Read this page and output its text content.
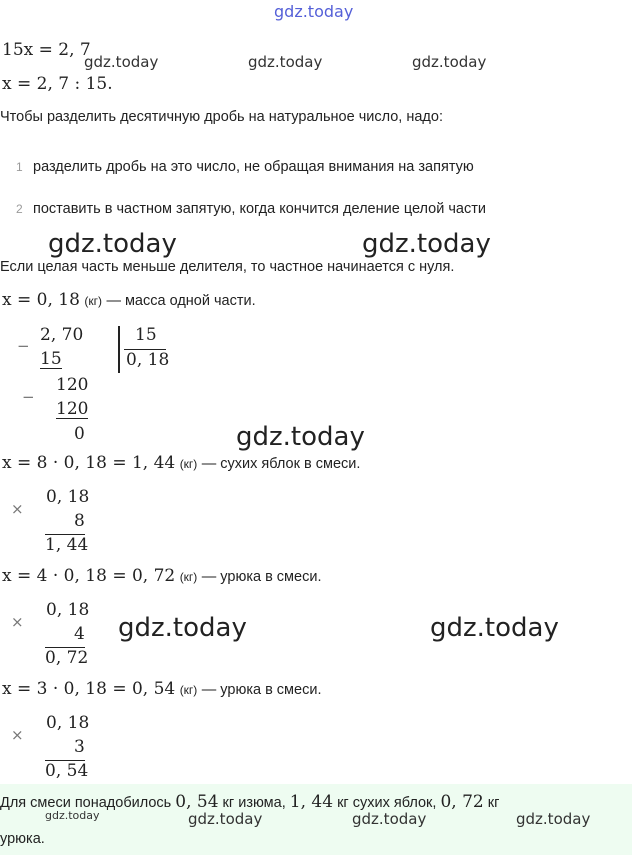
gdz.today
15x = 2, 7
x = 2, 7 : 15.
gdz.today	gdz.today	gdz.today
Чтобы разделить десятичную дробь на натуральное число, надо:
1 разделить дробь на это число, не обращая внимания на запятую
2 поставить в частном запятую, когда кончится деление целой части
gdz.today	gdz.today
Если целая часть меньше делителя, то частное начинается с нуля.
x = 0, 18 (кг) — масса одной части.
−
2, 70
15
15
0, 18
−
120
120
0	gdz.today
x = 8 · 0, 18 = 1, 44 (кг) — сухих яблок в смеси.
×
0, 18
8
1, 44
x = 4 · 0, 18 = 0, 72 (кг) — урюка в смеси.
×
0, 18
4
0, 72
gdz.today	gdz.today
x = 3 · 0, 18 = 0, 54 (кг) — урюка в смеси.
×
0, 18
3
0, 54
Для смеси понадобилось 0, 54 кг изюма, 1, 44 кг сухих яблок, 0, 72 кг
gdz.today	gdz.today	gdz.today	gdz.today
урюка.
